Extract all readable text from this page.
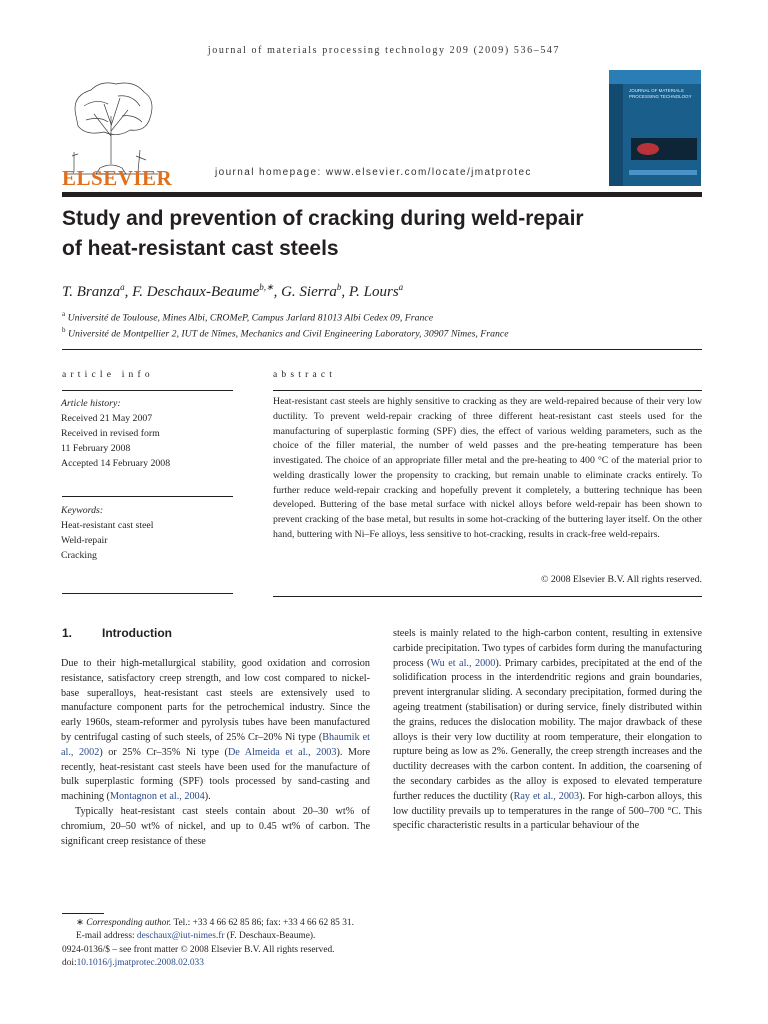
journal of materials processing technology 209 (2009) 536–547
ELSEVIER
JOURNAL OF MATERIALS PROCESSING TECHNOLOGY
journal homepage: www.elsevier.com/locate/jmatprotec
Study and prevention of cracking during weld-repair
of heat-resistant cast steels
T. Branza$^a$, F. Deschaux-Beaume$^{b,∗}$, G. Sierra$^b$, P. Lours$^a$
$^a$ Université de Toulouse, Mines Albi, CROMeP, Campus Jarlard 81013 Albi Cedex 09, France
$^b$ Université de Montpellier 2, IUT de Nîmes, Mechanics and Civil Engineering Laboratory, 30907 Nîmes, France
article info	abstract
Article history:
Received 21 May 2007
Received in revised form
11 February 2008
Accepted 14 February 2008
Keywords:
Heat-resistant cast steel
Weld-repair
Cracking
Heat-resistant cast steels are highly sensitive to cracking as they are weld-repaired because of their very low ductility. To prevent weld-repair cracking of three different heat-resistant cast steels used for the manufacturing of superplastic forming (SPF) dies, the effect of various welding parameters, such as the choice of the filler material, the number of weld passes and the pre-heating temperature has been investigated. The choice of an appropriate filler metal and the pre-heating to 400 °C of the material prior to welding drastically lower the propensity to cracking, but remain unable to eliminate cracks entirely. To further reduce weld-repair cracking and hopefully prevent it completely, a buttering technique has been developed. Buttering of the base metal surface with nickel alloys before weld-repair has been shown to prevent cracking of the base metal, but results in some hot-cracking of the buttering layer itself. On the other hand, buttering with Ni–Fe alloys, less sensitive to hot-cracking, results in crack-free weld-repairs.
© 2008 Elsevier B.V. All rights reserved.
1. Introduction

Due to their high-metallurgical stability, good oxidation and corrosion resistance, satisfactory creep strength, and low cost compared to nickel-base superalloys, heat-resistant cast steels are extensively used to manufacture component parts for the petrochemical industry. Since the early 1960s, steam-reformer and pyrolysis tubes have been manufactured by centrifugal casting of such steels, of 25% Cr–20% Ni type (Bhaumik et al., 2002) or 25% Cr–35% Ni type (De Almeida et al., 2003). More recently, heat-resistant cast steels have been used for the manufacture of bulk superplastic forming (SPF) tools processed by sand-casting and machining (Montagnon et al., 2004).

Typically heat-resistant cast steels contain about 20–30 wt% of chromium, 20–50 wt% of nickel, and up to 0.45 wt% of carbon. The significant creep resistance of these

steels is mainly related to the high-carbon content, resulting in extensive carbide precipitation. Two types of carbides form during the manufacturing process (Wu et al., 2000). Primary carbides, precipitated at the end of the solidification process in the interdendritic regions and grain boundaries, prevent intergranular sliding. A secondary precipitation, formed during the ageing treatment (stabilisation) or during service, finely distributed within the grains, reduces the dislocation mobility. The major drawback of these alloys is their very low ductility at room temperature, their elongation to rupture being as low as 2%. Generally, the creep strength increases and the ductility decreases with the carbon content. In addition, the coarsening of the secondary carbides as the alloy is exposed to elevated temperature further reduces the ductility (Ray et al., 2003). For high-carbon alloys, this low ductility prevails up to temperatures in the range of 500–700 °C. This specific characteristic results in a particular behaviour of the

∗ Corresponding author. Tel.: +33 4 66 62 85 86; fax: +33 4 66 62 85 31.

E-mail address: deschaux@iut-nimes.fr (F. Deschaux-Beaume).

0924-0136/$ – see front matter © 2008 Elsevier B.V. All rights reserved.

doi:10.1016/j.jmatprotec.2008.02.033
